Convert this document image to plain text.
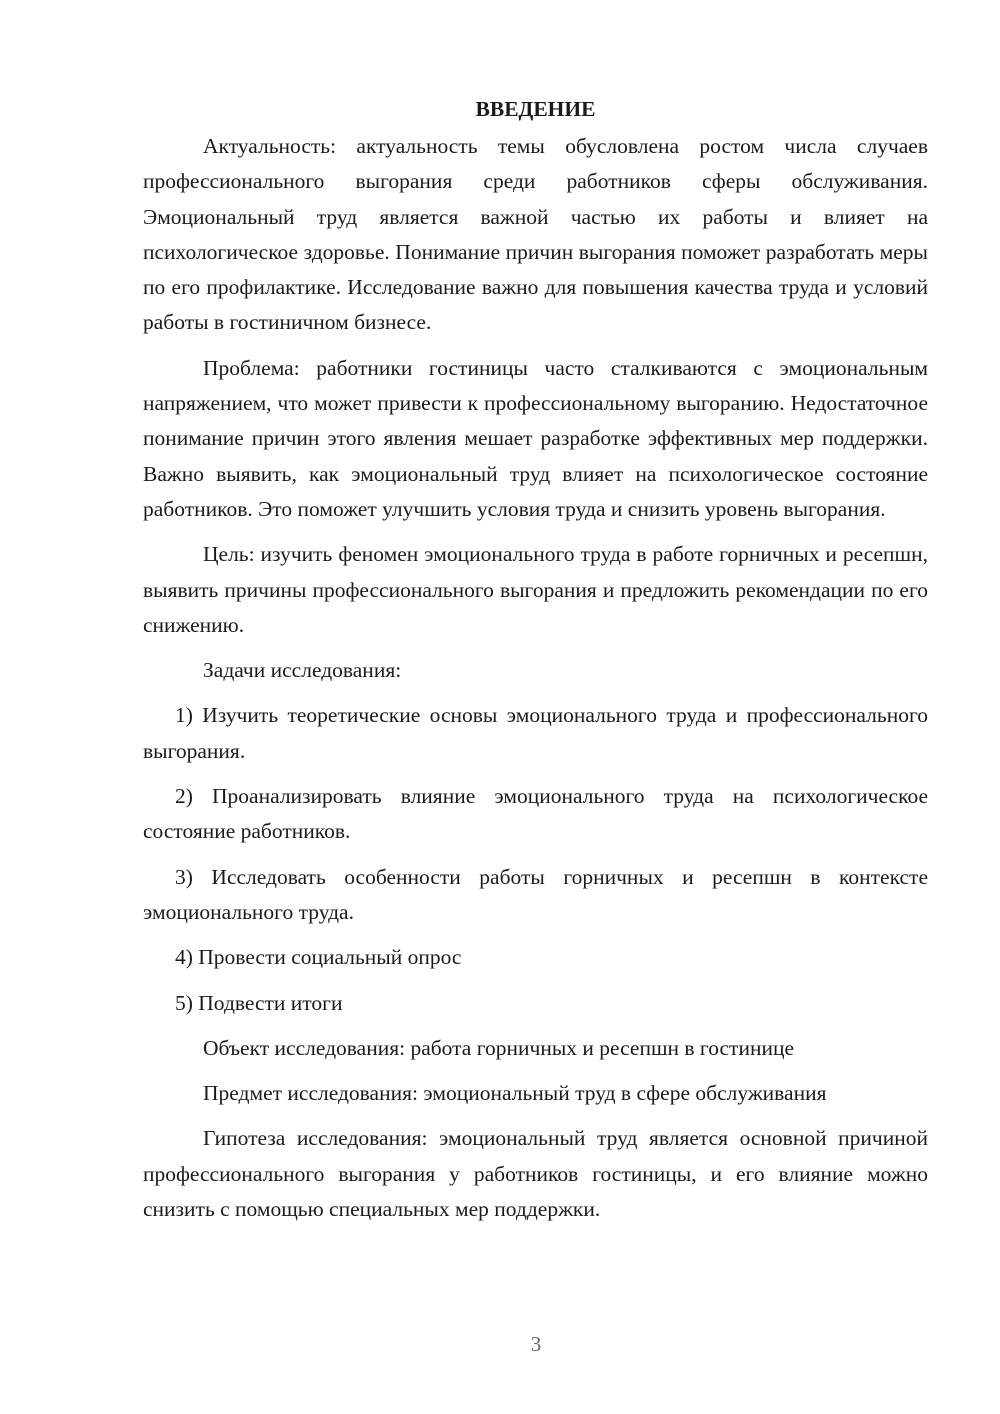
ВВЕДЕНИЕ

Актуальность: актуальность темы обусловлена ростом числа случаев профессионального выгорания среди работников сферы обслуживания. Эмоциональный труд является важной частью их работы и влияет на психологическое здоровье. Понимание причин выгорания поможет разработать меры по его профилактике. Исследование важно для повышения качества труда и условий работы в гостиничном бизнесе.

Проблема: работники гостиницы часто сталкиваются с эмоциональным напряжением, что может привести к профессиональному выгоранию. Недостаточное понимание причин этого явления мешает разработке эффективных мер поддержки. Важно выявить, как эмоциональный труд влияет на психологическое состояние работников. Это поможет улучшить условия труда и снизить уровень выгорания.

Цель: изучить феномен эмоционального труда в работе горничных и ресепшн, выявить причины профессионального выгорания и предложить рекомендации по его снижению.

Задачи исследования:

1) Изучить теоретические основы эмоционального труда и профессионального выгорания.

2) Проанализировать влияние эмоционального труда на психологическое состояние работников.

3) Исследовать особенности работы горничных и ресепшн в контексте эмоционального труда.

4) Провести социальный опрос

5) Подвести итоги

Объект исследования: работа горничных и ресепшн в гостинице

Предмет исследования: эмоциональный труд в сфере обслуживания

Гипотеза исследования: эмоциональный труд является основной причиной профессионального выгорания у работников гостиницы, и его влияние можно снизить с помощью специальных мер поддержки.

3
